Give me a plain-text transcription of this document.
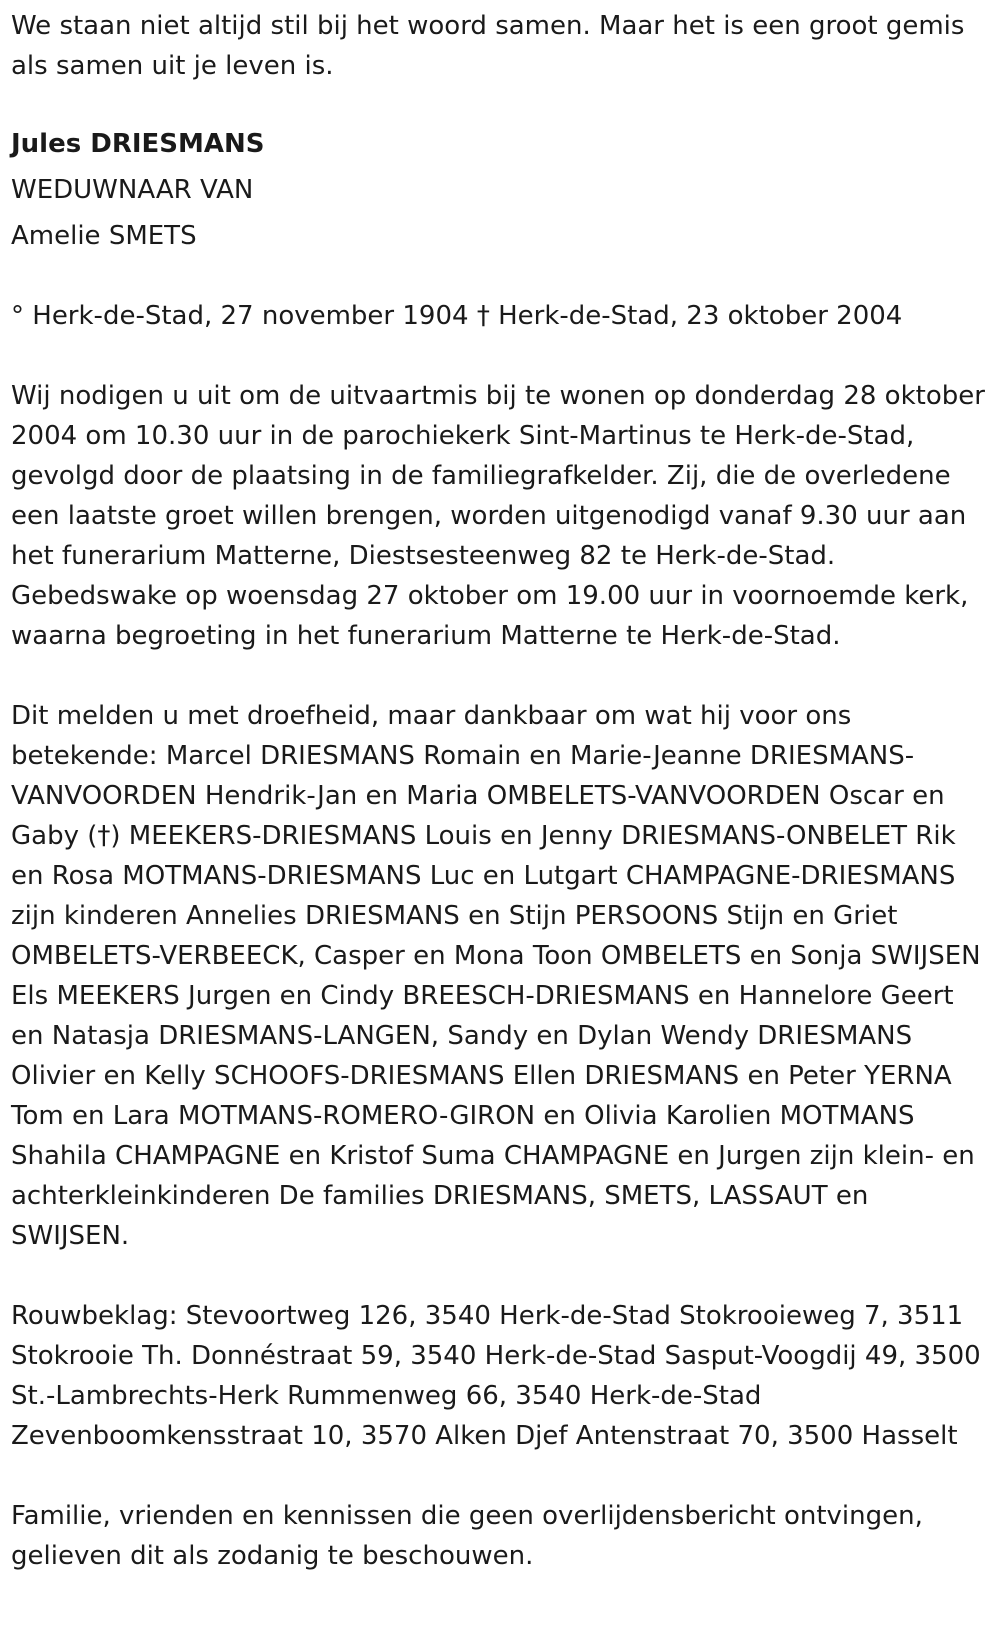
We staan niet altijd stil bij het woord samen. Maar het is een groot gemis als samen uit je leven is.

Jules DRIESMANS

WEDUWNAAR VAN

Amelie SMETS

° Herk-de-Stad, 27 november 1904 † Herk-de-Stad, 23 oktober 2004

Wij nodigen u uit om de uitvaartmis bij te wonen op donderdag 28 oktober 2004 om 10.30 uur in de parochiekerk Sint-Martinus te Herk-de-Stad, gevolgd door de plaatsing in de familiegrafkelder. Zij, die de overledene een laatste groet willen brengen, worden uitgenodigd vanaf 9.30 uur aan het funerarium Matterne, Diestsesteenweg 82 te Herk-de-Stad. Gebedswake op woensdag 27 oktober om 19.00 uur in voornoemde kerk, waarna begroeting in het funerarium Matterne te Herk-de-Stad.

Dit melden u met droefheid, maar dankbaar om wat hij voor ons betekende: Marcel DRIESMANS Romain en Marie-Jeanne DRIESMANS-VANVOORDEN Hendrik-Jan en Maria OMBELETS-VANVOORDEN Oscar en Gaby (†) MEEKERS-DRIESMANS Louis en Jenny DRIESMANS-ONBELET Rik en Rosa MOTMANS-DRIESMANS Luc en Lutgart CHAMPAGNE-DRIESMANS zijn kinderen Annelies DRIESMANS en Stijn PERSOONS Stijn en Griet OMBELETS-VERBEECK, Casper en Mona Toon OMBELETS en Sonja SWIJSEN Els MEEKERS Jurgen en Cindy BREESCH-DRIESMANS en Hannelore Geert en Natasja DRIESMANS-LANGEN, Sandy en Dylan Wendy DRIESMANS Olivier en Kelly SCHOOFS-DRIESMANS Ellen DRIESMANS en Peter YERNA Tom en Lara MOTMANS-ROMERO-GIRON en Olivia Karolien MOTMANS Shahila CHAMPAGNE en Kristof Suma CHAMPAGNE en Jurgen zijn klein- en achterkleinkinderen De families DRIESMANS, SMETS, LASSAUT en SWIJSEN.

Rouwbeklag: Stevoortweg 126, 3540 Herk-de-Stad Stokrooieweg 7, 3511 Stokrooie Th. Donnéstraat 59, 3540 Herk-de-Stad Sasput-Voogdij 49, 3500 St.-Lambrechts-Herk Rummenweg 66, 3540 Herk-de-Stad Zevenboomkensstraat 10, 3570 Alken Djef Antenstraat 70, 3500 Hasselt

Familie, vrienden en kennissen die geen overlijdensbericht ontvingen, gelieven dit als zodanig te beschouwen.
